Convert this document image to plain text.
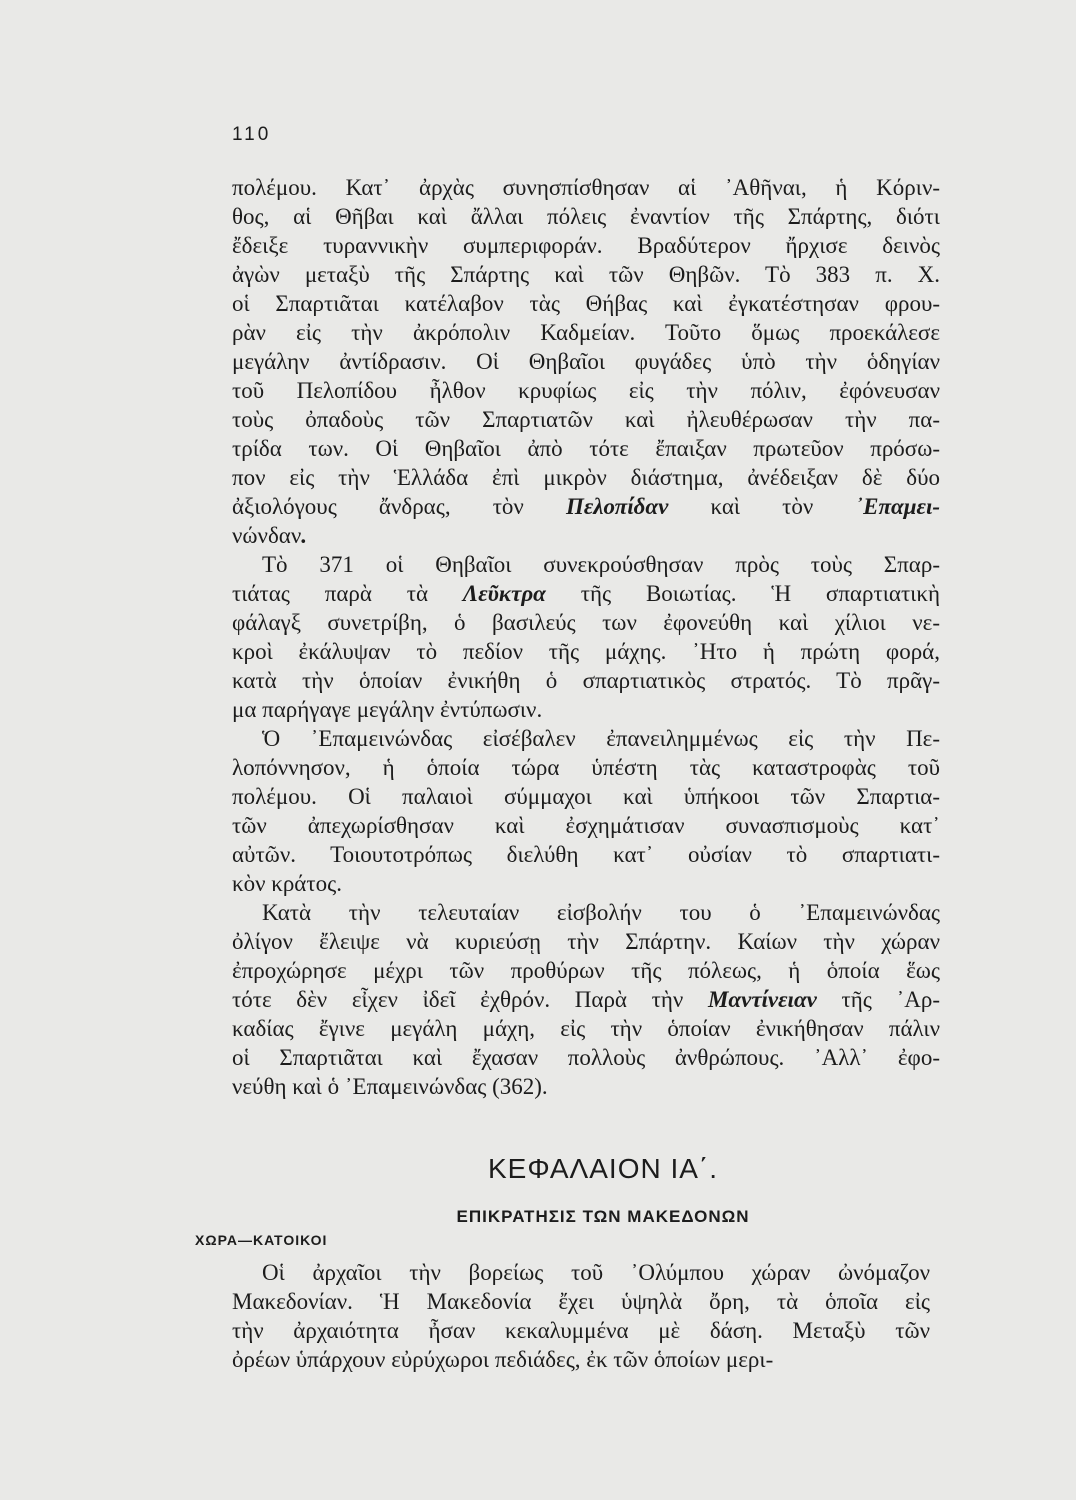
110
πολέμου. Κατ᾽ ἀρχὰς συνησπίσθησαν αἱ ᾽Αθῆναι, ἡ Κόριν-
θος, αἱ Θῆβαι καὶ ἄλλαι πόλεις ἐναντίον τῆς Σπάρτης, διότι
ἔδειξε τυραννικὴν συμπεριφοράν. Βραδύτερον ἤρχισε δεινὸς
ἀγὼν μεταξὺ τῆς Σπάρτης καὶ τῶν Θηβῶν. Τὸ 383 π. Χ.
οἱ Σπαρτιᾶται κατέλαβον τὰς Θήβας καὶ ἐγκατέστησαν φρου-
ρὰν εἰς τὴν ἀκρόπολιν Καδμείαν. Τοῦτο ὅμως προεκάλεσε
μεγάλην ἀντίδρασιν. Οἱ Θηβαῖοι φυγάδες ὑπὸ τὴν ὁδηγίαν
τοῦ Πελοπίδου ἦλθον κρυφίως εἰς τὴν πόλιν, ἐφόνευσαν
τοὺς ὀπαδοὺς τῶν Σπαρτιατῶν καὶ ἠλευθέρωσαν τὴν πα-
τρίδα των. Οἱ Θηβαῖοι ἀπὸ τότε ἔπαιξαν πρωτεῦον πρόσω-
πον εἰς τὴν Ἑλλάδα ἐπὶ μικρὸν διάστημα, ἀνέδειξαν δὲ δύο
ἀξιολόγους ἄνδρας, τὸν Πελοπίδαν καὶ τὸν ᾽Επαμει-
νώνδαν.
Τὸ 371 οἱ Θηβαῖοι συνεκρούσθησαν πρὸς τοὺς Σπαρ-
τιάτας παρὰ τὰ Λεῦκτρα τῆς Βοιωτίας. Ἡ σπαρτιατικὴ
φάλαγξ συνετρίβη, ὁ βασιλεύς των ἐφονεύθη καὶ χίλιοι νε-
κροὶ ἐκάλυψαν τὸ πεδίον τῆς μάχης. ᾽Ητο ἡ πρώτη φορά,
κατὰ τὴν ὁποίαν ἐνικήθη ὁ σπαρτιατικὸς στρατός. Τὸ πρᾶγ-
μα παρήγαγε μεγάλην ἐντύπωσιν.
Ὁ ᾽Επαμεινώνδας εἰσέβαλεν ἐπανειλημμένως εἰς τὴν Πε-
λοπόννησον, ἡ ὁποία τώρα ὑπέστη τὰς καταστροφὰς τοῦ
πολέμου. Οἱ παλαιοὶ σύμμαχοι καὶ ὑπήκοοι τῶν Σπαρτια-
τῶν ἀπεχωρίσθησαν καὶ ἐσχημάτισαν συνασπισμοὺς κατ᾽
αὐτῶν. Τοιουτοτρόπως διελύθη κατ᾽ οὐσίαν τὸ σπαρτιατι-
κὸν κράτος.
Κατὰ τὴν τελευταίαν εἰσβολήν του ὁ ᾽Επαμεινώνδας
ὀλίγον ἔλειψε νὰ κυριεύσῃ τὴν Σπάρτην. Καίων τὴν χώραν
ἐπροχώρησε μέχρι τῶν προθύρων τῆς πόλεως, ἡ ὁποία ἕως
τότε δὲν εἶχεν ἰδεῖ ἐχθρόν. Παρὰ τὴν Μαντίνειαν τῆς ᾽Αρ-
καδίας ἔγινε μεγάλη μάχη, εἰς τὴν ὁποίαν ἐνικήθησαν πάλιν
οἱ Σπαρτιᾶται καὶ ἔχασαν πολλοὺς ἀνθρώπους. ᾽Αλλ᾽ ἐφο-
νεύθη καὶ ὁ ᾽Επαμεινώνδας (362).
ΚΕΦΑΛΑΙΟΝ ΙΑ΄.
ΕΠΙΚΡΑΤΗΣΙΣ ΤΩΝ ΜΑΚΕΔΟΝΩΝ
ΧΩΡΑ—ΚΑΤΟΙΚΟΙ
Οἱ ἀρχαῖοι τὴν βορείως τοῦ ᾽Ολύμπου χώραν ὠνόμαζον
Μακεδονίαν. Ἡ Μακεδονία ἔχει ὑψηλὰ ὄρη, τὰ ὁποῖα εἰς
τὴν ἀρχαιότητα ἦσαν κεκαλυμμένα μὲ δάση. Μεταξὺ τῶν
ὀρέων ὑπάρχουν εὐρύχωροι πεδιάδες, ἐκ τῶν ὁποίων μερι-
